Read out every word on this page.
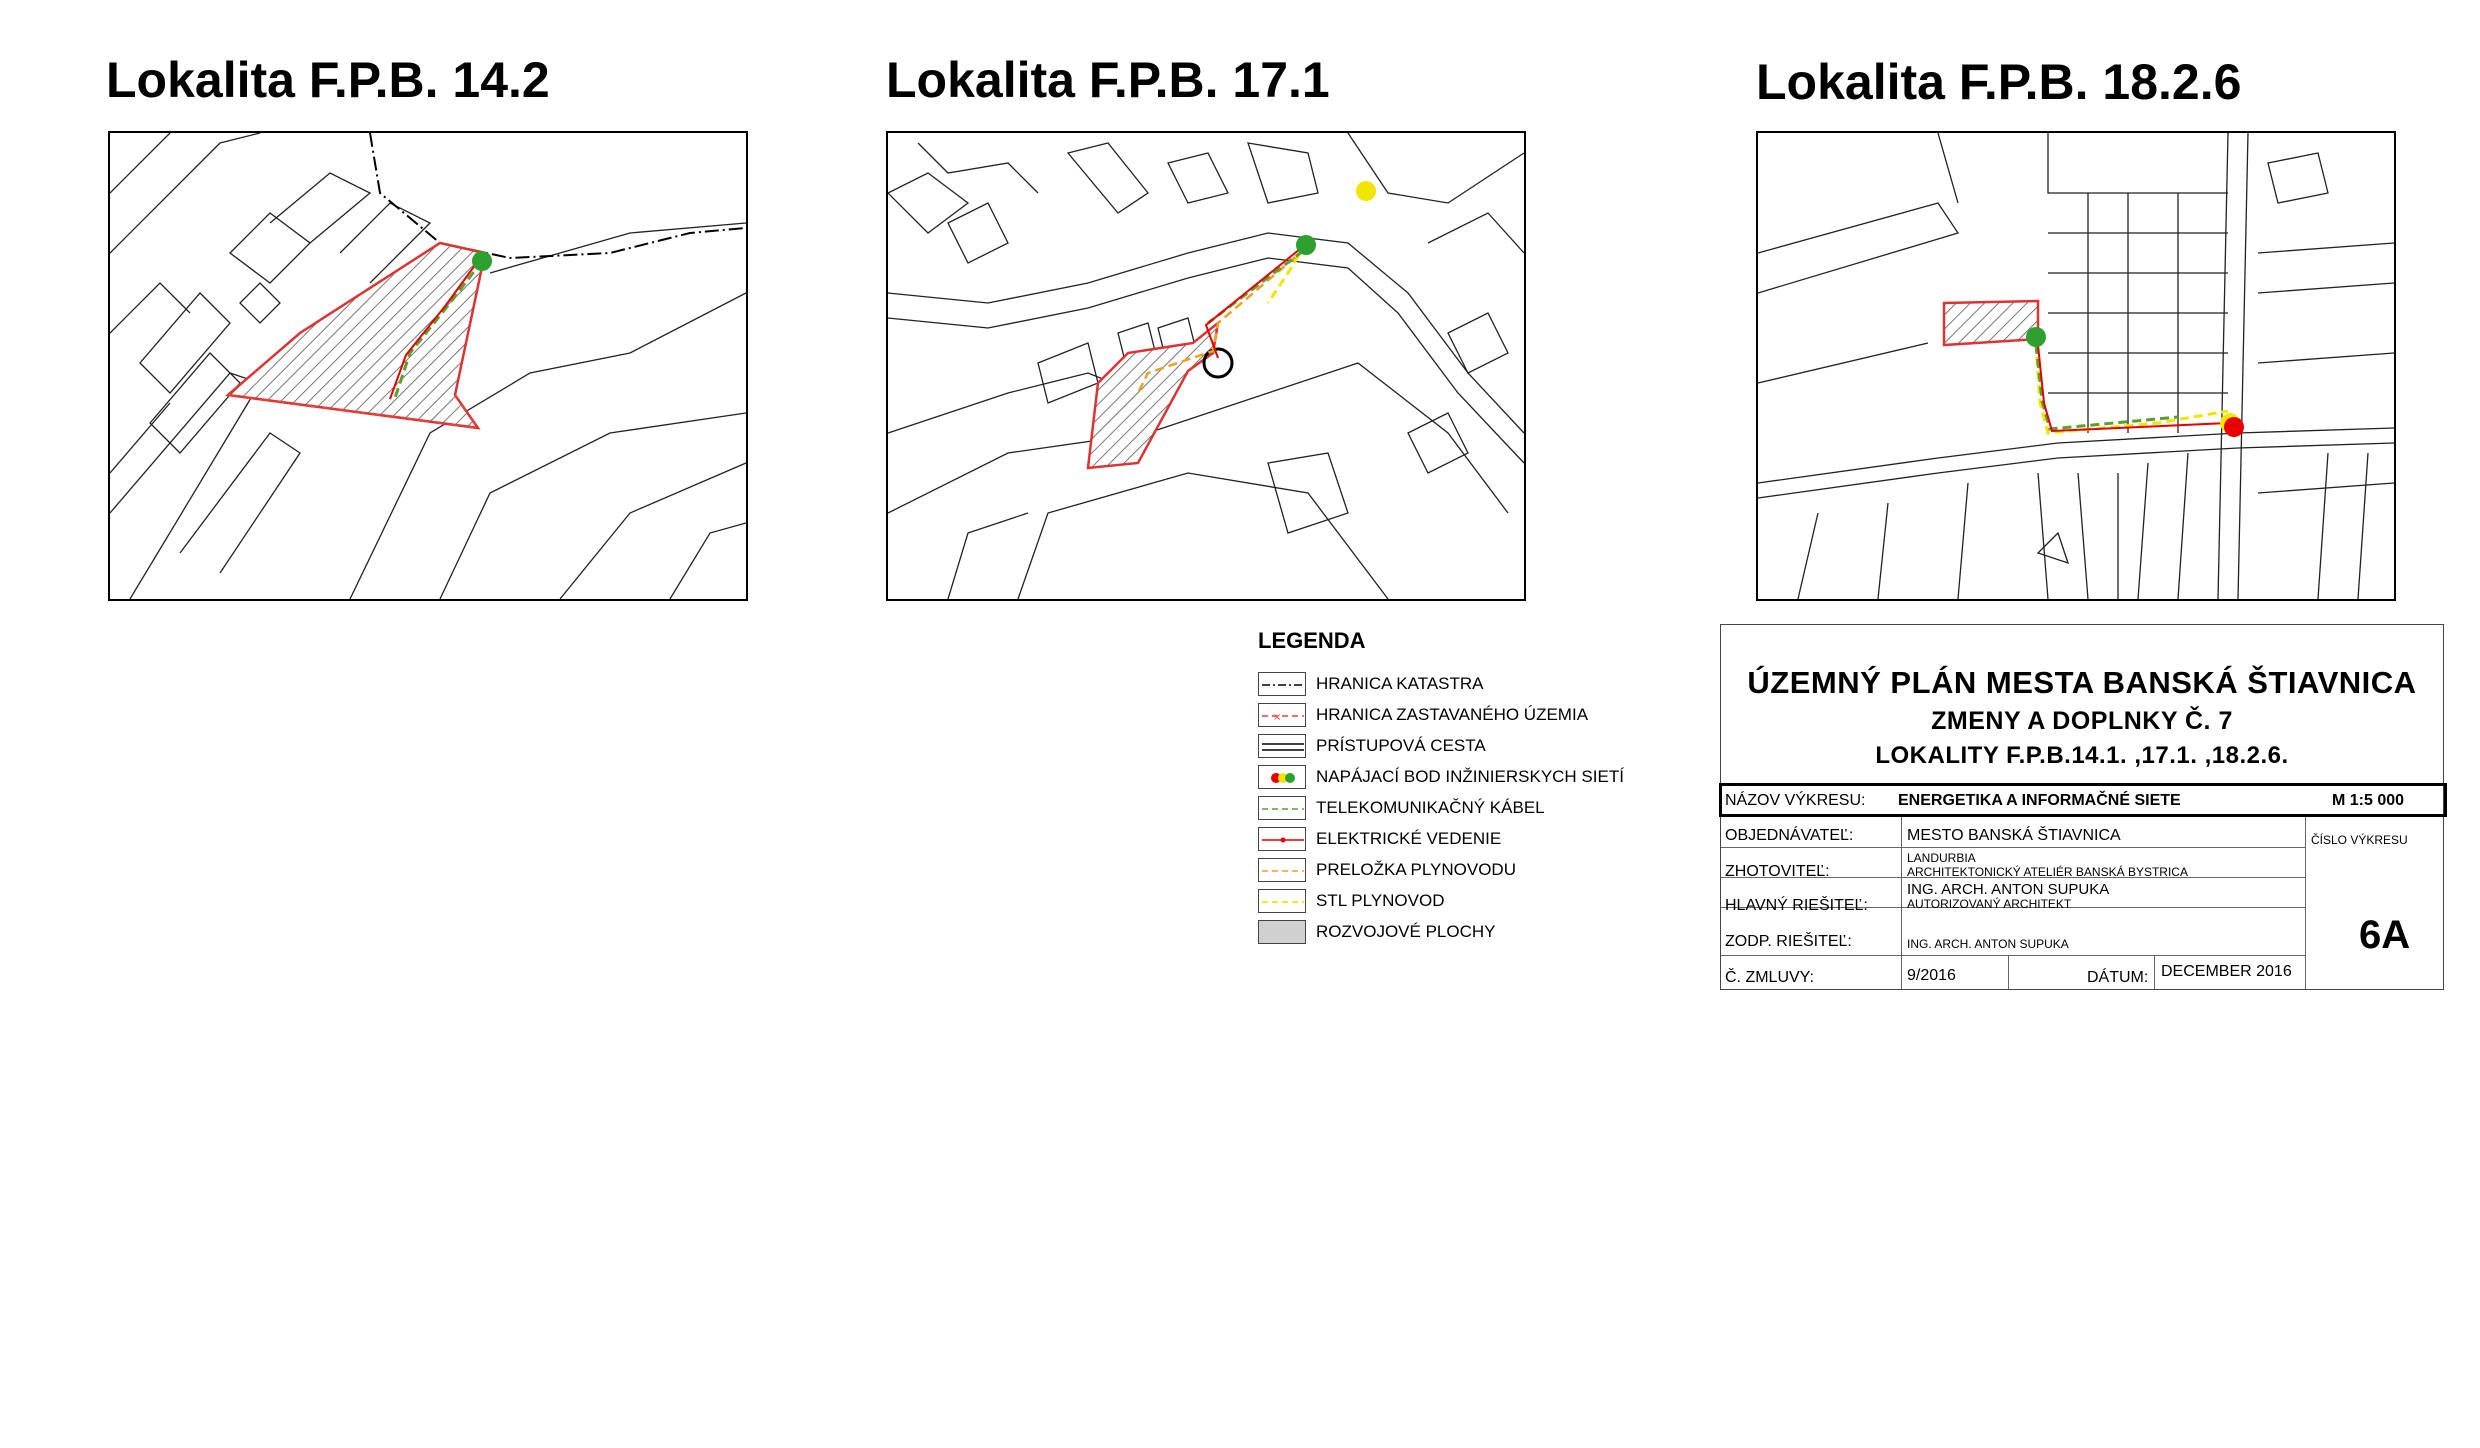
Lokalita F.P.B. 14.2	Lokalita F.P.B. 17.1	Lokalita F.P.B. 18.2.6
LEGENDA
HRANICA KATASTRA
× HRANICA ZASTAVANÉHO ÚZEMIA
PRÍSTUPOVÁ CESTA
NAPÁJACÍ BOD INŽINIERSKYCH SIETÍ
TELEKOMUNIKAČNÝ KÁBEL
ELEKTRICKÉ VEDENIE
PRELOŽKA PLYNOVODU
STL PLYNOVOD
ROZVOJOVÉ PLOCHY
ÚZEMNÝ PLÁN MESTA BANSKÁ ŠTIAVNICA
ZMENY A DOPLNKY Č. 7
LOKALITY F.P.B.14.1. ,17.1. ,18.2.6.
NÁZOV VÝKRESU: ENERGETIKA A INFORMAČNÉ SIETE	M 1:5 000
OBJEDNÁVATEĽ:	MESTO BANSKÁ ŠTIAVNICA
ZHOTOVITEĽ:
LANDURBIA
ARCHITEKTONICKÝ ATELIÉR BANSKÁ BYSTRICA
HLAVNÝ RIEŠITEĽ:
ING. ARCH. ANTON SUPUKA
AUTORIZOVANÝ ARCHITEKT
ZODP. RIEŠITEĽ:	ING. ARCH. ANTON SUPUKA
Č. ZMLUVY:	9/2016	DÁTUM: DECEMBER 2016
ČÍSLO VÝKRESU
6A
